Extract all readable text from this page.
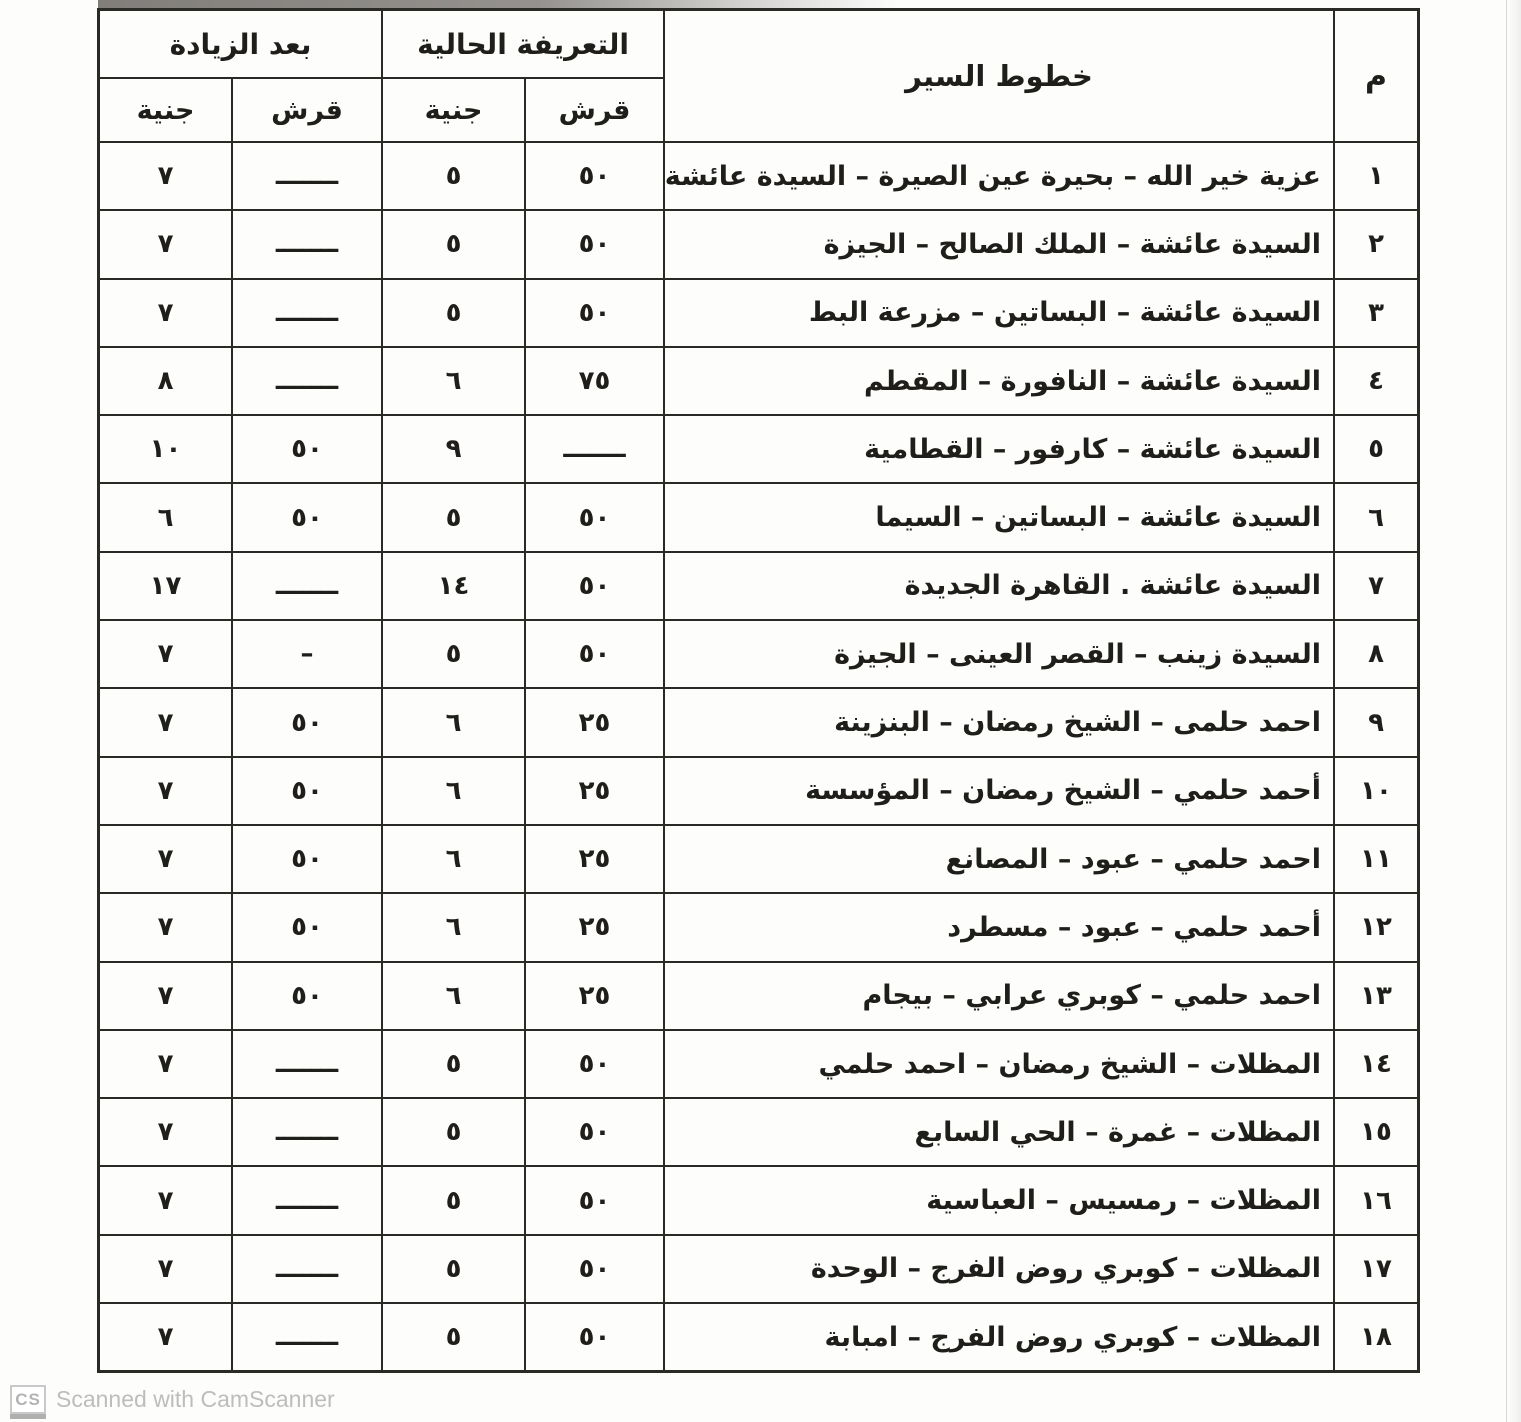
م
خطوط السير
التعريفة الحالية
بعد الزيادة
قرش
جنية
قرش
جنية
١
عزية خير الله – بحيرة عين الصيرة – السيدة عائشة
٥٠
٥
ـــــــ
٧
٢
السيدة عائشة – الملك الصالح – الجيزة
٥٠
٥
ـــــــ
٧
٣
السيدة عائشة – البساتين – مزرعة البط
٥٠
٥
ـــــــ
٧
٤
السيدة عائشة – النافورة – المقطم
٧٥
٦
ـــــــ
٨
٥
السيدة عائشة – كارفور – القطامية
ـــــــ
٩
٥٠
١٠
٦
السيدة عائشة – البساتين – السيما
٥٠
٥
٥٠
٦
٧
السيدة عائشة . القاهرة الجديدة
٥٠
١٤
ـــــــ
١٧
٨
السيدة زينب – القصر العينى – الجيزة
٥٠
٥
–
٧
٩
احمد حلمى – الشيخ رمضان – البنزينة
٢٥
٦
٥٠
٧
١٠
أحمد حلمي – الشيخ رمضان – المؤسسة
٢٥
٦
٥٠
٧
١١
احمد حلمي – عبود – المصانع
٢٥
٦
٥٠
٧
١٢
أحمد حلمي – عبود – مسطرد
٢٥
٦
٥٠
٧
١٣
احمد حلمي – كوبري عرابي – بيجام
٢٥
٦
٥٠
٧
١٤
المظلات – الشيخ رمضان – احمد حلمي
٥٠
٥
ـــــــ
٧
١٥
المظلات – غمرة – الحي السابع
٥٠
٥
ـــــــ
٧
١٦
المظلات – رمسيس – العباسية
٥٠
٥
ـــــــ
٧
١٧
المظلات – كوبري روض الفرج – الوحدة
٥٠
٥
ـــــــ
٧
١٨
المظلات – كوبري روض الفرج – امبابة
٥٠
٥
ـــــــ
٧
CS Scanned with CamScanner
